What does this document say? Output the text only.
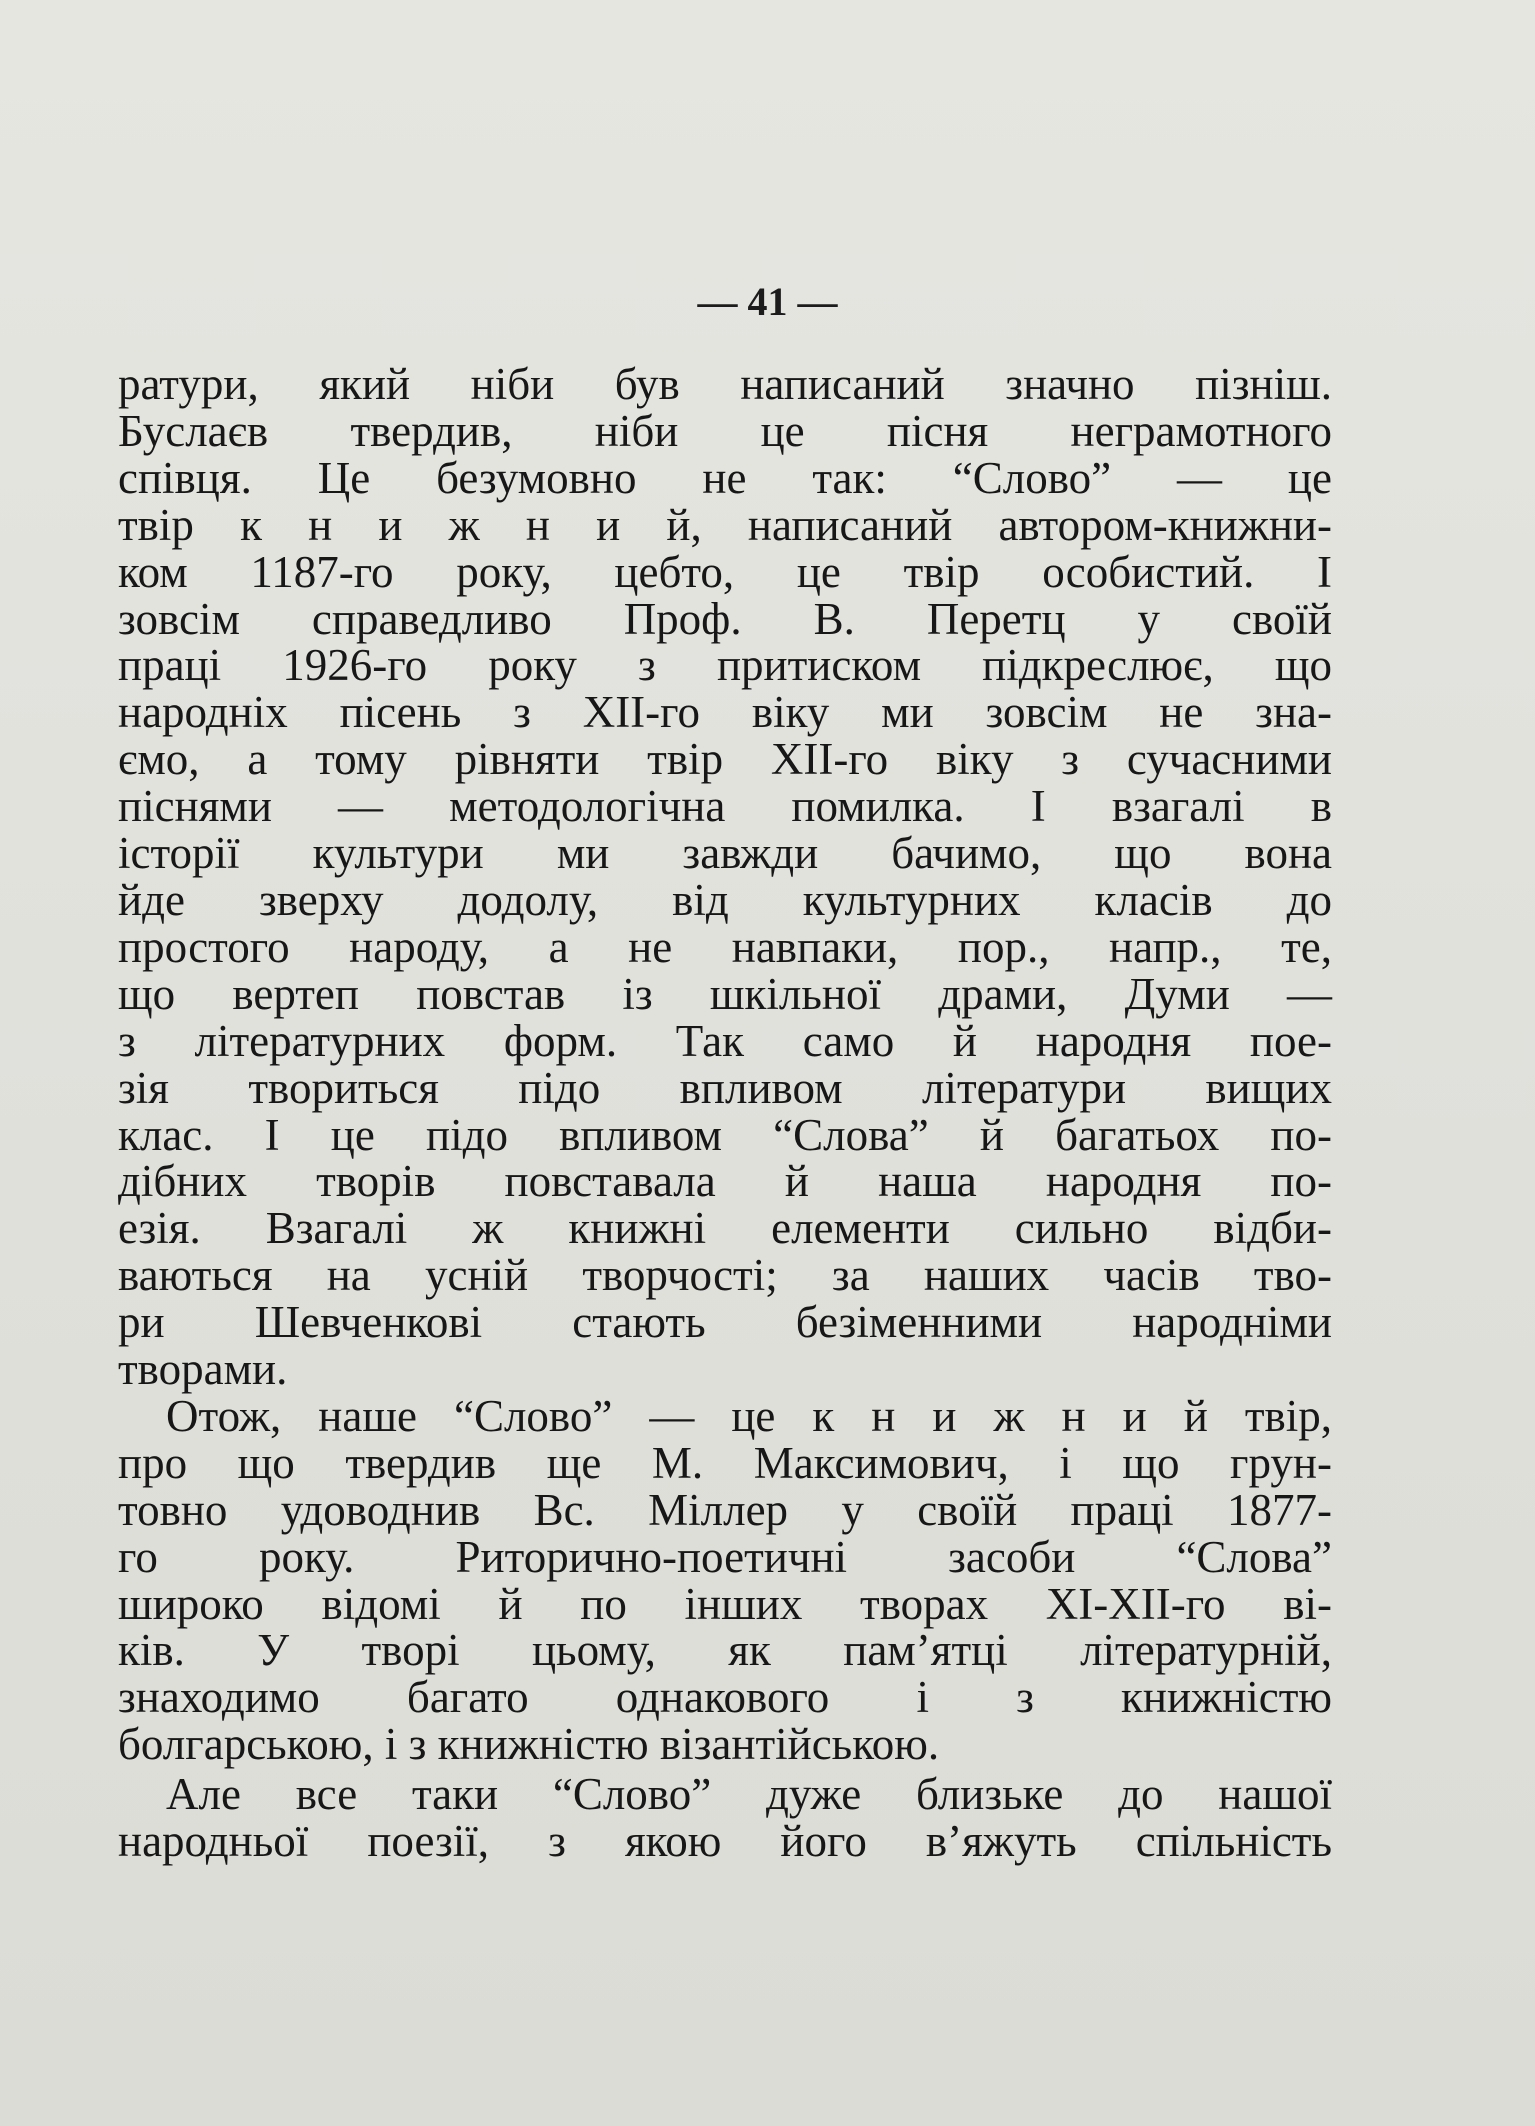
— 41 —
ратури, який ніби був написаний значно пізніш.
Буслаєв твердив, ніби це пісня неграмотного
співця. Це безумовно не так: “Слово” — це
твір к н и ж н и й, написаний автором-книжни-
ком 1187-го року, цебто, це твір особистий. І
зовсім справедливо Проф. В. Перетц у своїй
праці 1926-го року з притиском підкреслює, що
народніх пісень з ХІІ-го віку ми зовсім не зна-
ємо, а тому рівняти твір ХІІ-го віку з сучасними
піснями — методологічна помилка. І взагалі в
історії культури ми завжди бачимо, що вона
йде зверху додолу, від культурних класів до
простого народу, а не навпаки, пор., напр., те,
що вертеп повстав із шкільної драми, Думи —
з літературних форм. Так само й народня пое-
зія твориться підо впливом літератури вищих
клас. І це підо впливом “Слова” й багатьох по-
дібних творів повставала й наша народня по-
езія. Взагалі ж книжні елементи сильно відби-
ваються на усній творчості; за наших часів тво-
ри Шевченкові стають безіменними народніми
творами.
Отож, наше “Слово” — це к н и ж н и й твір,
про що твердив ще М. Максимович, і що грун-
товно удоводнив Вс. Міллер у своїй праці 1877-
го року. Риторично-поетичні засоби “Слова”
широко відомі й по інших творах ХІ-ХІІ-го ві-
ків. У творі цьому, як пам’ятці літературній,
знаходимо багато однакового і з книжністю
болгарською, і з книжністю візантійською.
Але все таки “Слово” дуже близьке до нашої
народньої поезії, з якою його в’яжуть спільність
